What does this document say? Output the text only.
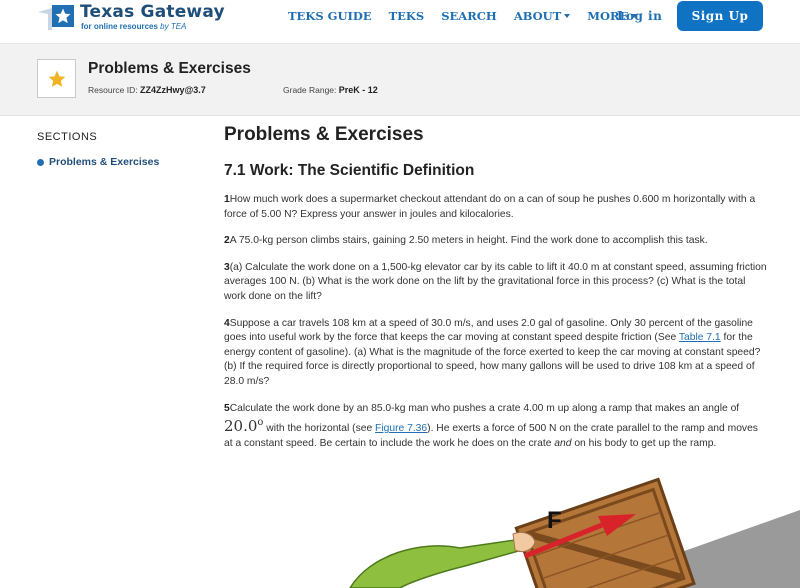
Texas Gateway
for online resources by TEA
TEKS GUIDE TEKS SEARCH ABOUT MORE
Log in	Sign Up
Problems & Exercises
Resource ID: ZZ4ZzHwy@3.7	Grade Range: PreK - 12
SECTIONS
Problems & Exercises
Problems & Exercises
7.1 Work: The Scientific Definition

1How much work does a supermarket checkout attendant do on a can of soup he pushes 0.600 m horizontally with a force of 5.00 N? Express your answer in joules and kilocalories.

2A 75.0-kg person climbs stairs, gaining 2.50 meters in height. Find the work done to accomplish this task.

3(a) Calculate the work done on a 1,500-kg elevator car by its cable to lift it 40.0 m at constant speed, assuming friction averages 100 N. (b) What is the work done on the lift by the gravitational force in this process? (c) What is the total work done on the lift?

4Suppose a car travels 108 km at a speed of 30.0 m/s, and uses 2.0 gal of gasoline. Only 30 percent of the gasoline goes into useful work by the force that keeps the car moving at constant speed despite friction (See Table 7.1 for the energy content of gasoline). (a) What is the magnitude of the force exerted to keep the car moving at constant speed? (b) If the required force is directly proportional to speed, how many gallons will be used to drive 108 km at a speed of 28.0 m/s?

5Calculate the work done by an 85.0-kg man who pushes a crate 4.00 m up along a ramp that makes an angle of 20.0$^o$ with the horizontal (see Figure 7.36). He exerts a force of 500 N on the crate parallel to the ramp and moves at a constant speed. Be certain to include the work he does on the crate and on his body to get up the ramp.

F
